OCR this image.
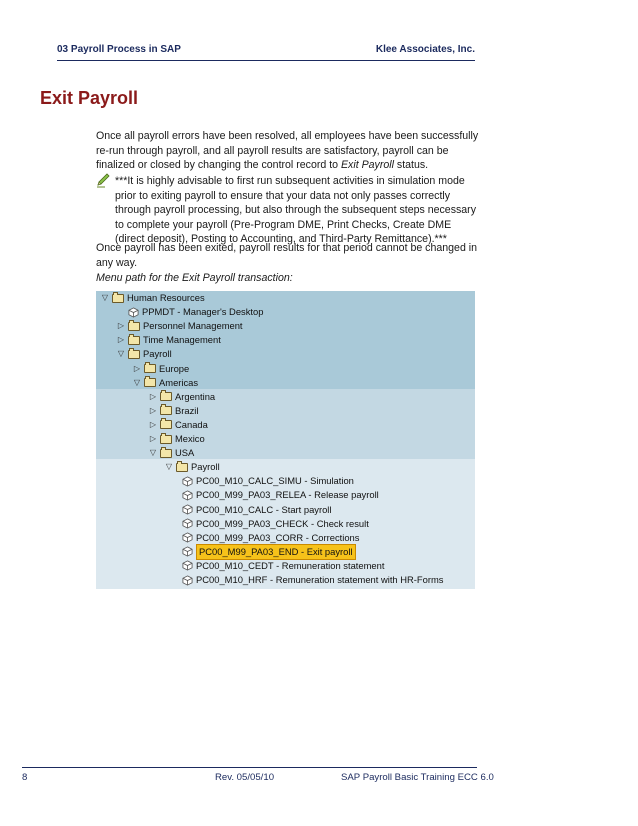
03 Payroll Process in SAP	Klee Associates, Inc.
Exit Payroll
Once all payroll errors have been resolved, all employees have been successfully re-run through payroll, and all payroll results are satisfactory, payroll can be finalized or closed by changing the control record to Exit Payroll status.
***It is highly advisable to first run subsequent activities in simulation mode prior to exiting payroll to ensure that your data not only passes correctly through payroll processing, but also through the subsequent steps necessary to complete your payroll (Pre-Program DME, Print Checks, Create DME (direct deposit), Posting to Accounting, and Third-Party Remittance).***
Once payroll has been exited, payroll results for that period cannot be changed in any way.
Menu path for the Exit Payroll transaction:
▽ Human Resources
PPMDT - Manager's Desktop
▷ Personnel Management
▷ Time Management
▽ Payroll
▷ Europe
▽ Americas
▷ Argentina
▷ Brazil
▷ Canada
▷ Mexico
▽ USA
▽ Payroll
PC00_M10_CALC_SIMU - Simulation
PC00_M99_PA03_RELEA - Release payroll
PC00_M10_CALC - Start payroll
PC00_M99_PA03_CHECK - Check result
PC00_M99_PA03_CORR - Corrections
PC00_M99_PA03_END - Exit payroll
PC00_M10_CEDT - Remuneration statement
PC00_M10_HRF - Remuneration statement with HR-Forms
8	Rev. 05/05/10	SAP Payroll Basic Training ECC 6.0
